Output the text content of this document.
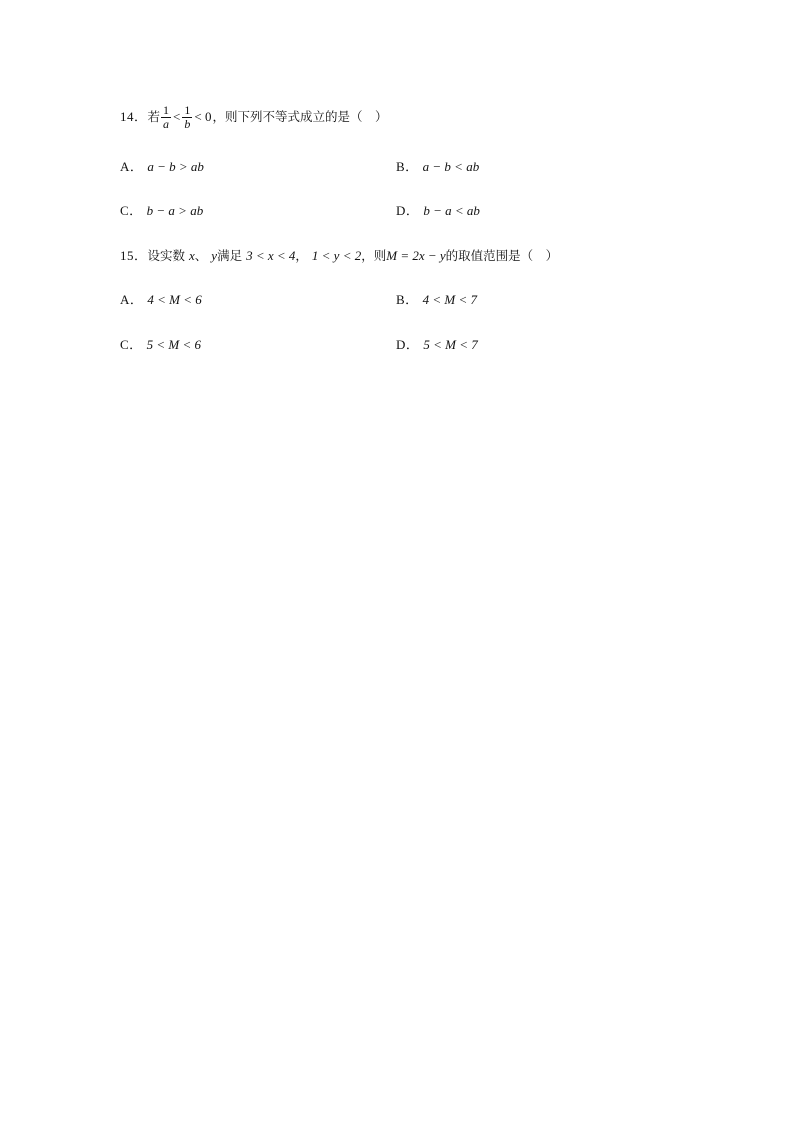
14．若 $\frac{1}{a} < \frac{1}{b} < 0$，则下列不等式成立的是（　）
A． a − b > ab	B． a − b < ab
C． b − a > ab	D． b − a < ab
15．设实数 x、 y满足 3 < x < 4， 1 < y < 2，则M = 2x − y的取值范围是（　）
A． 4 < M < 6	B． 4 < M < 7
C． 5 < M < 6	D． 5 < M < 7
